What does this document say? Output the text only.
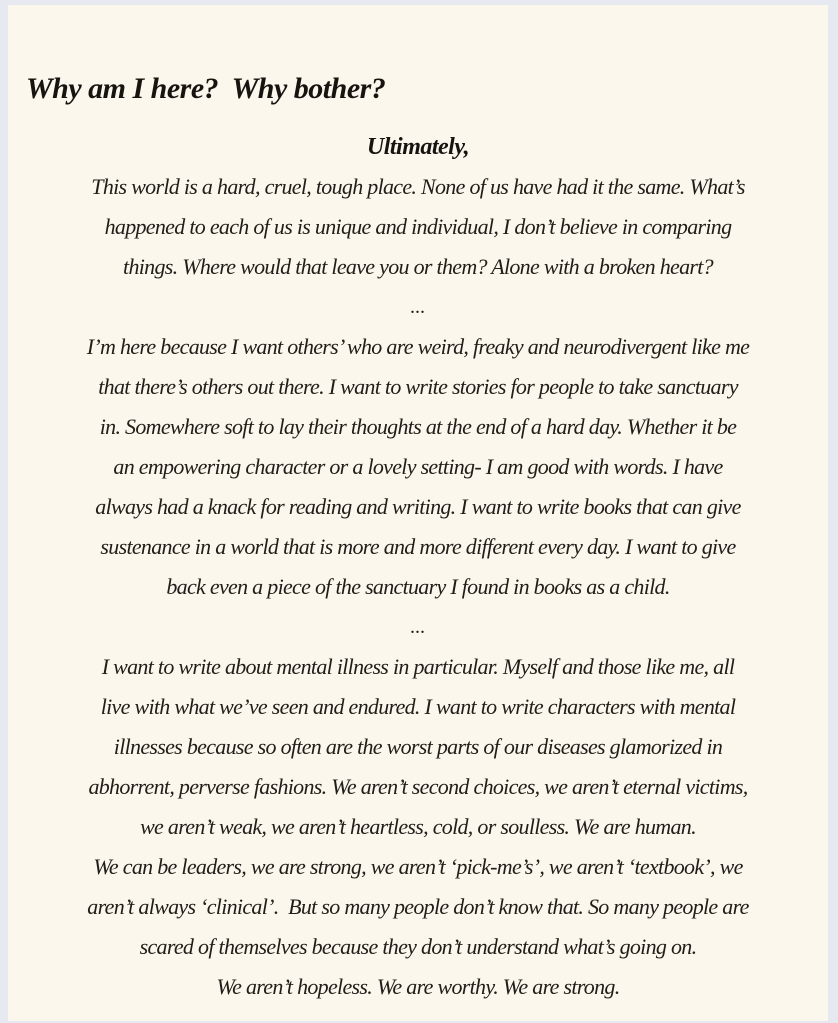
Why am I here?  Why bother?
Ultimately,
This world is a hard, cruel, tough place. None of us have had it the same. What’s
happened to each of us is unique and individual, I don’t believe in comparing
things. Where would that leave you or them? Alone with a broken heart?
...
I’m here because I want others’ who are weird, freaky and neurodivergent like me
that there’s others out there. I want to write stories for people to take sanctuary
in. Somewhere soft to lay their thoughts at the end of a hard day. Whether it be
an empowering character or a lovely setting- I am good with words. I have
always had a knack for reading and writing. I want to write books that can give
sustenance in a world that is more and more different every day. I want to give
back even a piece of the sanctuary I found in books as a child.
...
I want to write about mental illness in particular. Myself and those like me, all
live with what we’ve seen and endured. I want to write characters with mental
illnesses because so often are the worst parts of our diseases glamorized in
abhorrent, perverse fashions. We aren’t second choices, we aren’t eternal victims,
we aren’t weak, we aren’t heartless, cold, or soulless. We are human.
We can be leaders, we are strong, we aren’t ‘pick-me’s’, we aren’t ‘textbook’, we
aren’t always ‘clinical’.  But so many people don’t know that. So many people are
scared of themselves because they don’t understand what’s going on.
We aren’t hopeless. We are worthy. We are strong.
